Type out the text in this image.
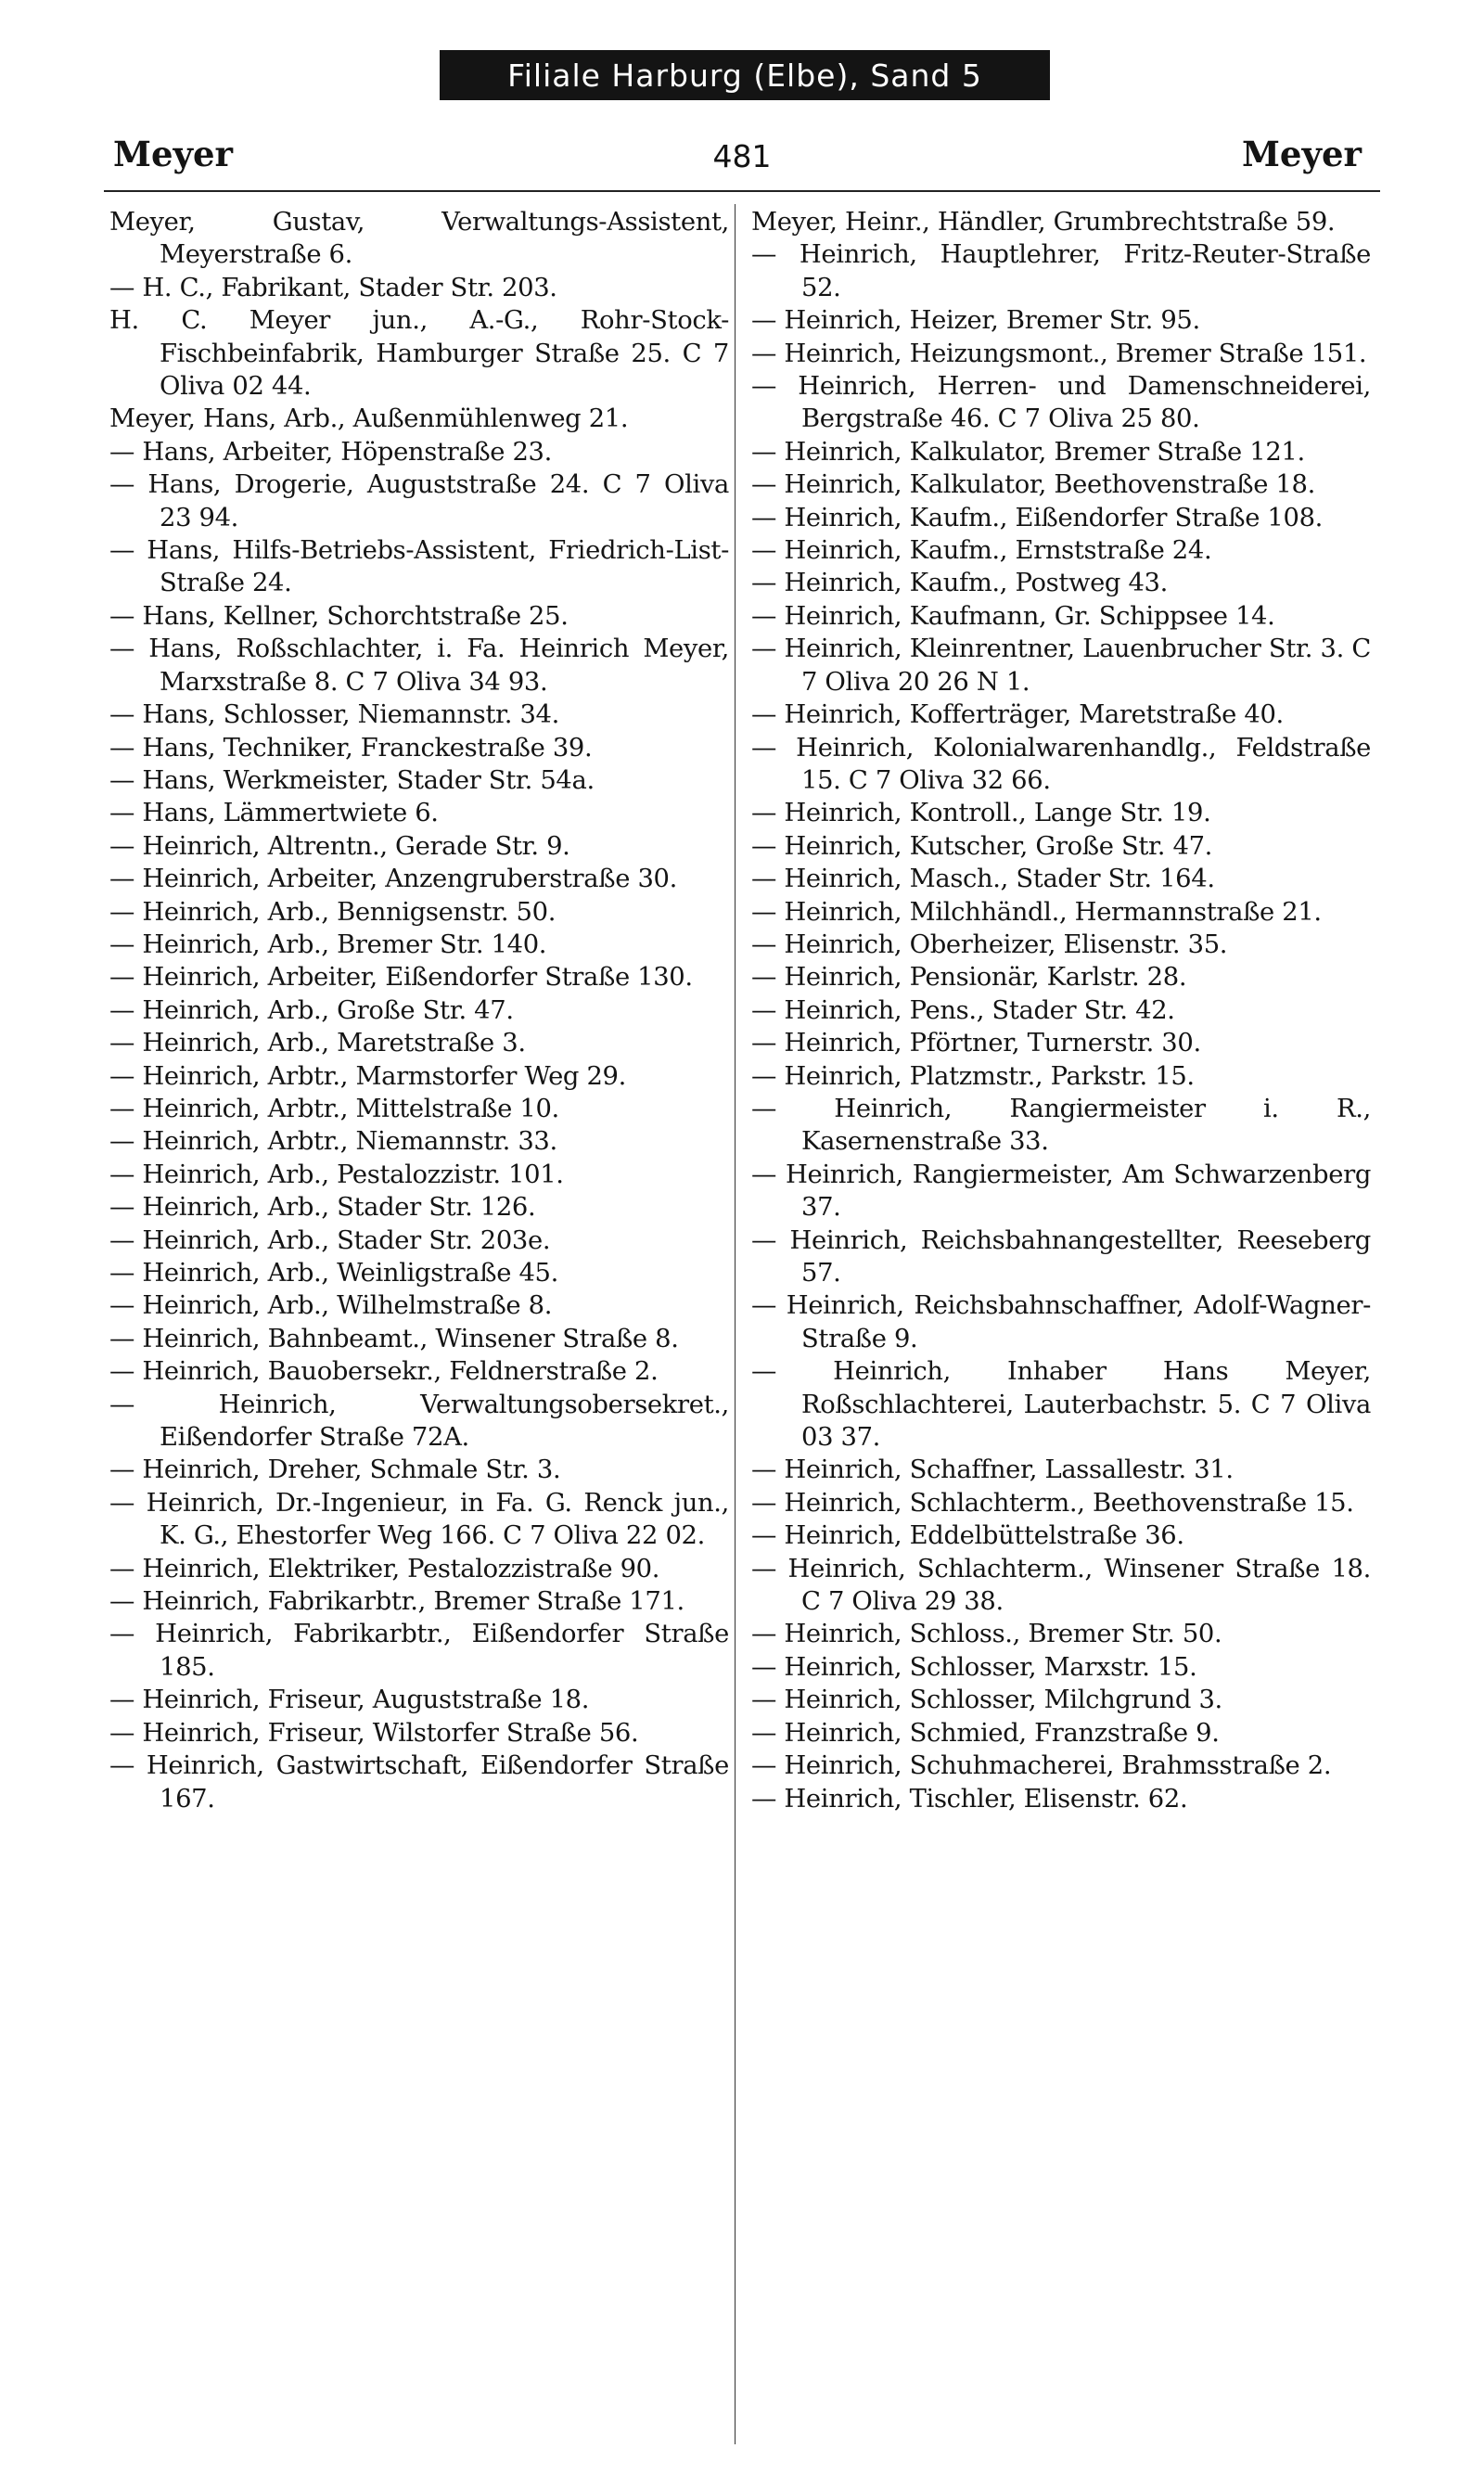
Filiale Harburg (Elbe), Sand 5
Meyer	481	Meyer

Meyer, Gustav, Verwaltungs-Assistent, Meyerstraße 6.

— H. C., Fabrikant, Stader Str. 203.

H. C. Meyer jun., A.-G., Rohr-Stock-Fischbeinfabrik, Hamburger Straße 25. C 7 Oliva 02 44.

Meyer, Hans, Arb., Außenmühlenweg 21.

— Hans, Arbeiter, Höpenstraße 23.

— Hans, Drogerie, Auguststraße 24. C 7 Oliva 23 94.

— Hans, Hilfs-Betriebs-Assistent, Friedrich-List-Straße 24.

— Hans, Kellner, Schorchtstraße 25.

— Hans, Roßschlachter, i. Fa. Heinrich Meyer, Marxstraße 8. C 7 Oliva 34 93.

— Hans, Schlosser, Niemannstr. 34.

— Hans, Techniker, Franckestraße 39.

— Hans, Werkmeister, Stader Str. 54a.

— Hans, Lämmertwiete 6.

— Heinrich, Altrentn., Gerade Str. 9.

— Heinrich, Arbeiter, Anzengruberstraße 30.

— Heinrich, Arb., Bennigsenstr. 50.

— Heinrich, Arb., Bremer Str. 140.

— Heinrich, Arbeiter, Eißendorfer Straße 130.

— Heinrich, Arb., Große Str. 47.

— Heinrich, Arb., Maretstraße 3.

— Heinrich, Arbtr., Marmstorfer Weg 29.

— Heinrich, Arbtr., Mittelstraße 10.

— Heinrich, Arbtr., Niemannstr. 33.

— Heinrich, Arb., Pestalozzistr. 101.

— Heinrich, Arb., Stader Str. 126.

— Heinrich, Arb., Stader Str. 203e.

— Heinrich, Arb., Weinligstraße 45.

— Heinrich, Arb., Wilhelmstraße 8.

— Heinrich, Bahnbeamt., Winsener Straße 8.

— Heinrich, Bauobersekr., Feldnerstraße 2.

— Heinrich, Verwaltungsobersekret., Eißendorfer Straße 72A.

— Heinrich, Dreher, Schmale Str. 3.

— Heinrich, Dr.-Ingenieur, in Fa. G. Renck jun., K. G., Ehestorfer Weg 166. C 7 Oliva 22 02.

— Heinrich, Elektriker, Pestalozzistraße 90.

— Heinrich, Fabrikarbtr., Bremer Straße 171.

— Heinrich, Fabrikarbtr., Eißendorfer Straße 185.

— Heinrich, Friseur, Auguststraße 18.

— Heinrich, Friseur, Wilstorfer Straße 56.

— Heinrich, Gastwirtschaft, Eißendorfer Straße 167.

Meyer, Heinr., Händler, Grumbrechtstraße 59.

— Heinrich, Hauptlehrer, Fritz-Reuter-Straße 52.

— Heinrich, Heizer, Bremer Str. 95.

— Heinrich, Heizungsmont., Bremer Straße 151.

— Heinrich, Herren- und Damenschneiderei, Bergstraße 46. C 7 Oliva 25 80.

— Heinrich, Kalkulator, Bremer Straße 121.

— Heinrich, Kalkulator, Beethovenstraße 18.

— Heinrich, Kaufm., Eißendorfer Straße 108.

— Heinrich, Kaufm., Ernststraße 24.

— Heinrich, Kaufm., Postweg 43.

— Heinrich, Kaufmann, Gr. Schippsee 14.

— Heinrich, Kleinrentner, Lauenbrucher Str. 3. C 7 Oliva 20 26 N 1.

— Heinrich, Kofferträger, Maretstraße 40.

— Heinrich, Kolonialwarenhandlg., Feldstraße 15. C 7 Oliva 32 66.

— Heinrich, Kontroll., Lange Str. 19.

— Heinrich, Kutscher, Große Str. 47.

— Heinrich, Masch., Stader Str. 164.

— Heinrich, Milchhändl., Hermannstraße 21.

— Heinrich, Oberheizer, Elisenstr. 35.

— Heinrich, Pensionär, Karlstr. 28.

— Heinrich, Pens., Stader Str. 42.

— Heinrich, Pförtner, Turnerstr. 30.

— Heinrich, Platzmstr., Parkstr. 15.

— Heinrich, Rangiermeister i. R., Kasernenstraße 33.

— Heinrich, Rangiermeister, Am Schwarzenberg 37.

— Heinrich, Reichsbahnangestellter, Reeseberg 57.

— Heinrich, Reichsbahnschaffner, Adolf-Wagner-Straße 9.

— Heinrich, Inhaber Hans Meyer, Roßschlachterei, Lauterbachstr. 5. C 7 Oliva 03 37.

— Heinrich, Schaffner, Lassallestr. 31.

— Heinrich, Schlachterm., Beethovenstraße 15.

— Heinrich, Eddelbüttelstraße 36.

— Heinrich, Schlachterm., Winsener Straße 18. C 7 Oliva 29 38.

— Heinrich, Schloss., Bremer Str. 50.

— Heinrich, Schlosser, Marxstr. 15.

— Heinrich, Schlosser, Milchgrund 3.

— Heinrich, Schmied, Franzstraße 9.

— Heinrich, Schuhmacherei, Brahmsstraße 2.

— Heinrich, Tischler, Elisenstr. 62.
